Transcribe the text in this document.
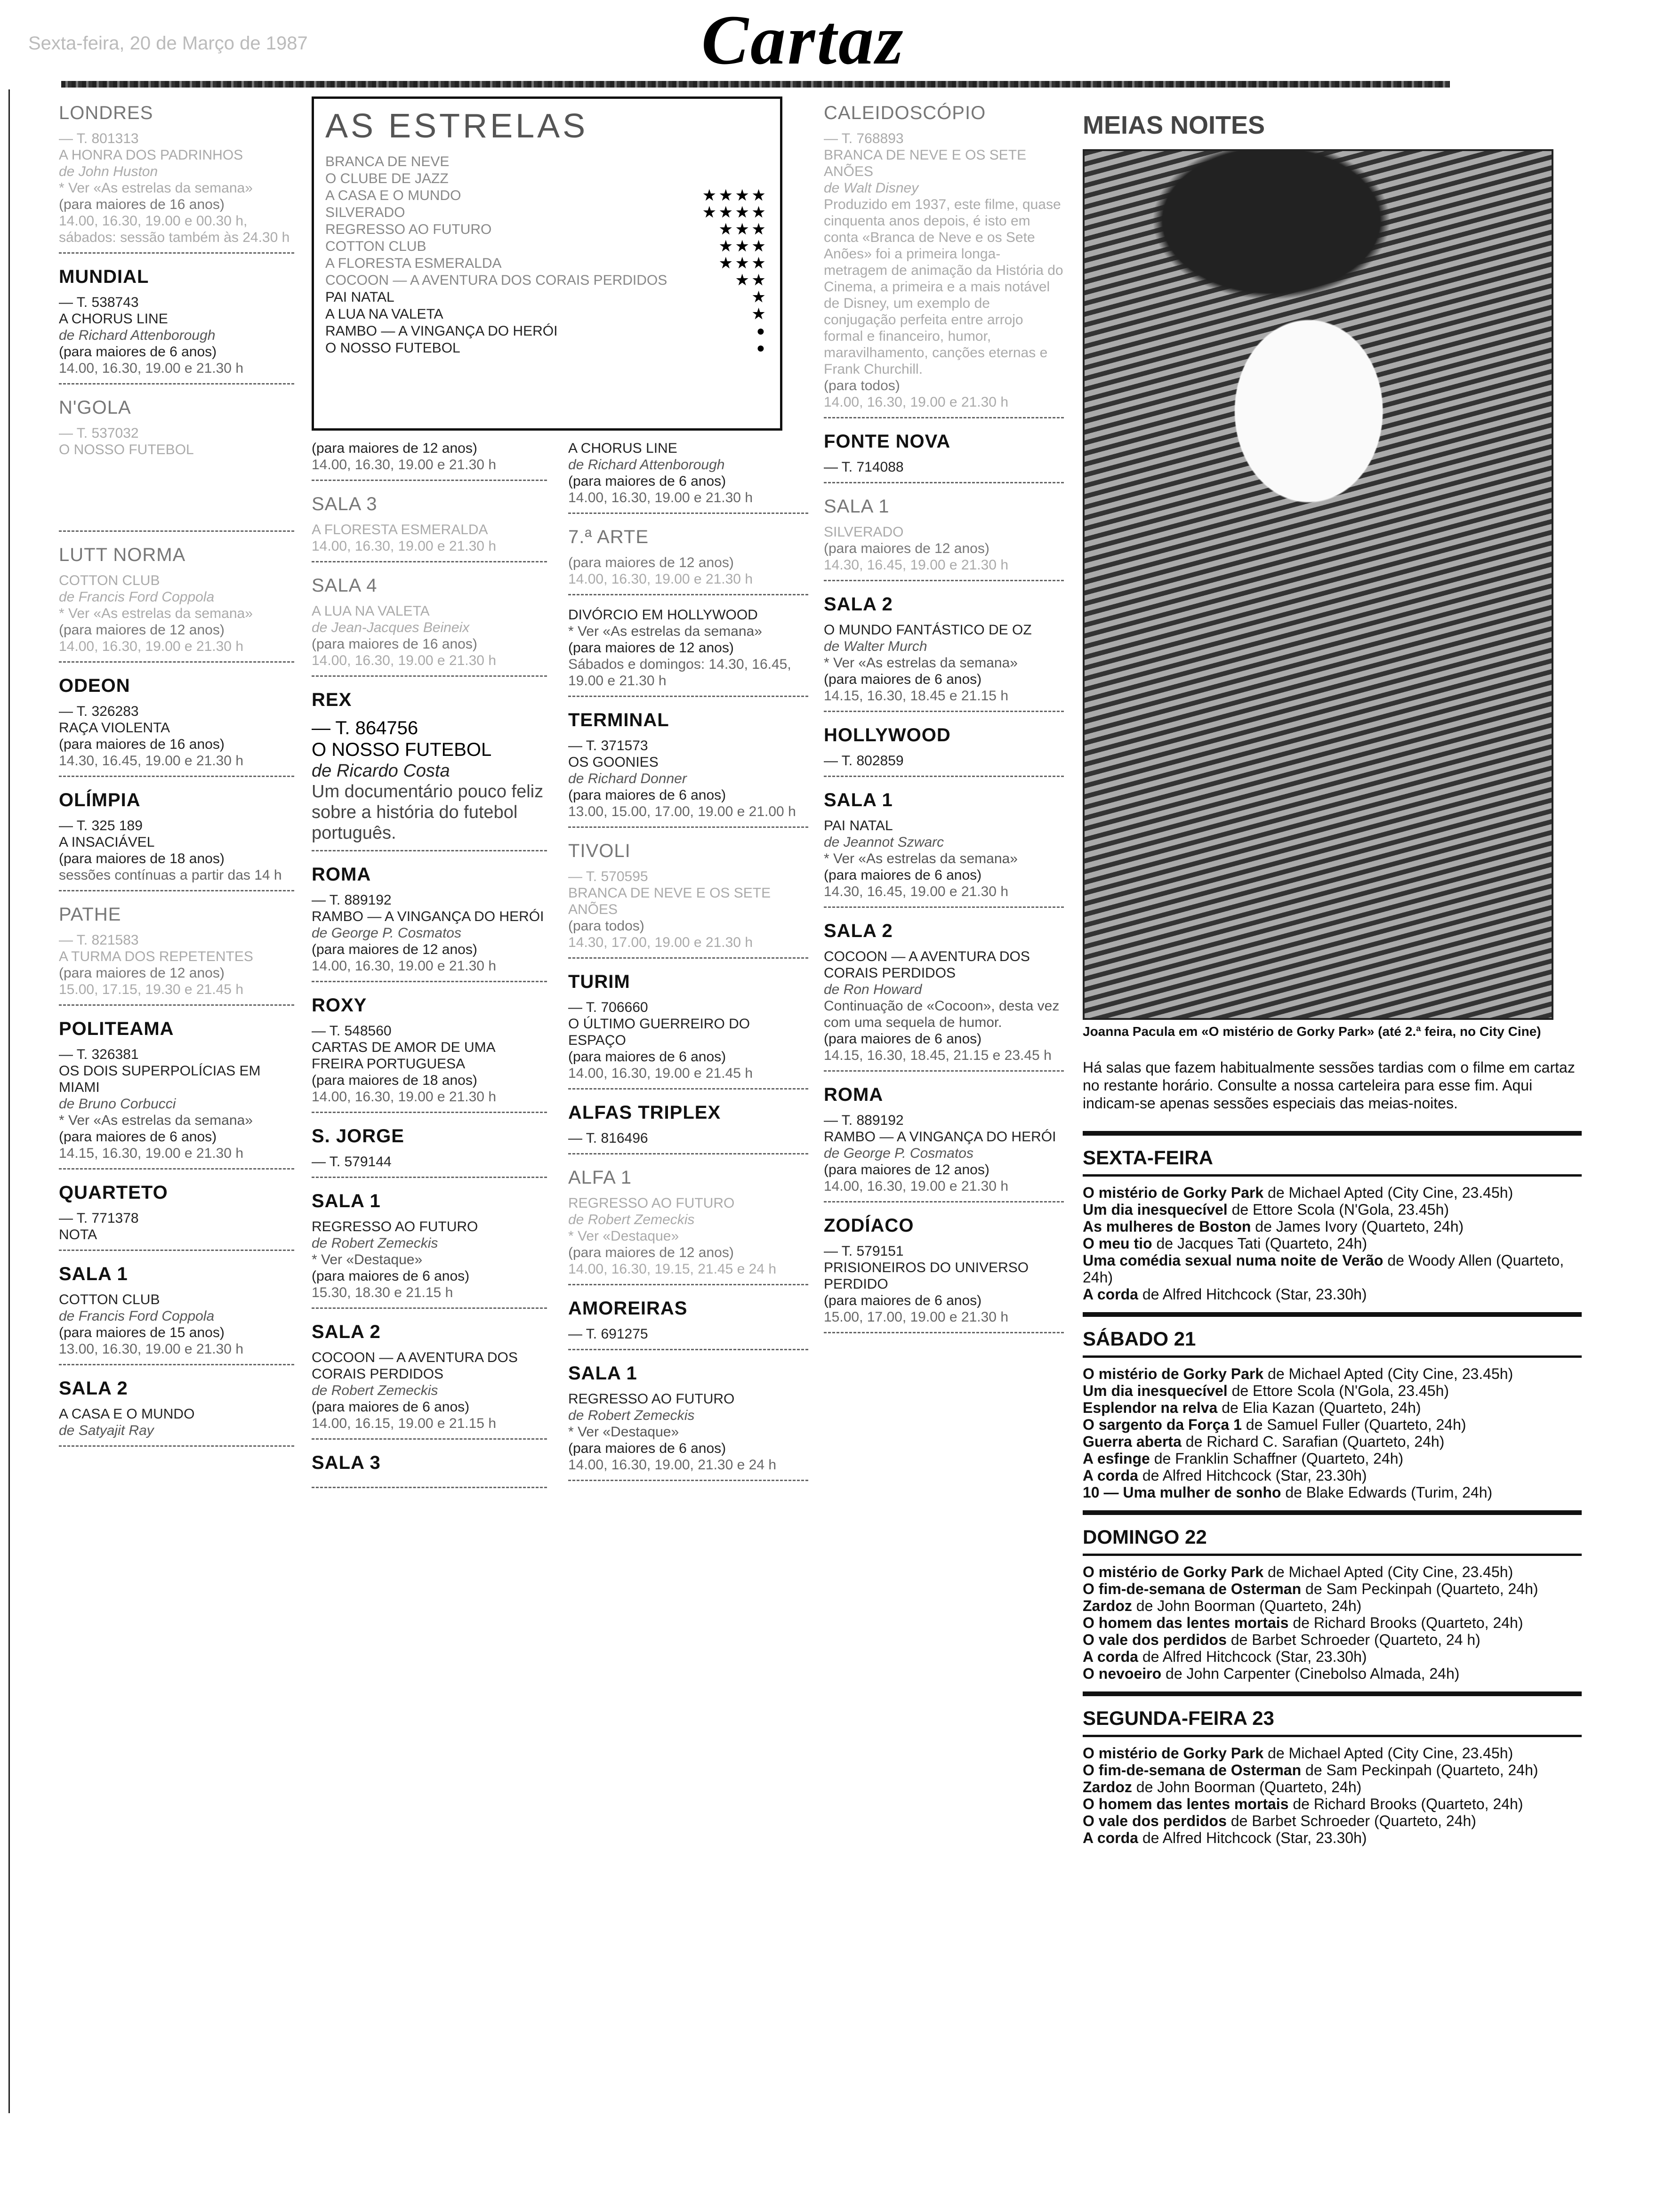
Sexta-feira, 20 de Março de 1987	Cartaz
LONDRES
— T. 801313
A HONRA DOS PADRINHOS
de John Huston
* Ver «As estrelas da semana»
(para maiores de 16 anos)
14.00, 16.30, 19.00 e 00.30 h, sábados: sessão também às 24.30 h
MUNDIAL
— T. 538743
A CHORUS LINE
de Richard Attenborough
(para maiores de 6 anos)
14.00, 16.30, 19.00 e 21.30 h
N'GOLA
— T. 537032
O NOSSO FUTEBOL
LUTT NORMA
COTTON CLUB
de Francis Ford Coppola
* Ver «As estrelas da semana»
(para maiores de 12 anos)
14.00, 16.30, 19.00 e 21.30 h
ODEON
— T. 326283
RAÇA VIOLENTA
(para maiores de 16 anos)
14.30, 16.45, 19.00 e 21.30 h
OLÍMPIA
— T. 325 189
A INSACIÁVEL
(para maiores de 18 anos)
sessões contínuas a partir das 14 h
PATHE
— T. 821583
A TURMA DOS REPETENTES
(para maiores de 12 anos)
15.00, 17.15, 19.30 e 21.45 h
POLITEAMA
— T. 326381
OS DOIS SUPERPOLÍCIAS EM MIAMI
de Bruno Corbucci
* Ver «As estrelas da semana»
(para maiores de 6 anos)
14.15, 16.30, 19.00 e 21.30 h
QUARTETO
— T. 771378
NOTA
SALA 1
COTTON CLUB
de Francis Ford Coppola
(para maiores de 15 anos)
13.00, 16.30, 19.00 e 21.30 h
SALA 2
A CASA E O MUNDO
de Satyajit Ray
AS ESTRELAS
BRANCA DE NEVE
O CLUBE DE JAZZ
A CASA E O MUNDO	★★★★
SILVERADO	★★★★
REGRESSO AO FUTURO	★★★
COTTON CLUB	★★★
A FLORESTA ESMERALDA	★★★
COCOON — A AVENTURA DOS CORAIS PERDIDOS	★★
PAI NATAL	★
A LUA NA VALETA	★
RAMBO — A VINGANÇA DO HERÓI	●
O NOSSO FUTEBOL	●
(para maiores de 12 anos)
14.00, 16.30, 19.00 e 21.30 h
SALA 3
A FLORESTA ESMERALDA
14.00, 16.30, 19.00 e 21.30 h
SALA 4
A LUA NA VALETA
de Jean-Jacques Beineix
(para maiores de 16 anos)
14.00, 16.30, 19.00 e 21.30 h
REX
— T. 864756
O NOSSO FUTEBOL
de Ricardo Costa
Um documentário pouco feliz sobre a história do futebol português.
ROMA
— T. 889192
RAMBO — A VINGANÇA DO HERÓI
de George P. Cosmatos
(para maiores de 12 anos)
14.00, 16.30, 19.00 e 21.30 h
ROXY
— T. 548560
CARTAS DE AMOR DE UMA FREIRA PORTUGUESA
(para maiores de 18 anos)
14.00, 16.30, 19.00 e 21.30 h
S. JORGE
— T. 579144
SALA 1
REGRESSO AO FUTURO
de Robert Zemeckis
* Ver «Destaque»
(para maiores de 6 anos)
15.30, 18.30 e 21.15 h
SALA 2
COCOON — A AVENTURA DOS CORAIS PERDIDOS
de Robert Zemeckis
(para maiores de 6 anos)
14.00, 16.15, 19.00 e 21.15 h
SALA 3
A CHORUS LINE
de Richard Attenborough
(para maiores de 6 anos)
14.00, 16.30, 19.00 e 21.30 h
7.ª ARTE
(para maiores de 12 anos)
14.00, 16.30, 19.00 e 21.30 h
DIVÓRCIO EM HOLLYWOOD
* Ver «As estrelas da semana»
(para maiores de 12 anos)
Sábados e domingos: 14.30, 16.45, 19.00 e 21.30 h
TERMINAL
— T. 371573
OS GOONIES
de Richard Donner
(para maiores de 6 anos)
13.00, 15.00, 17.00, 19.00 e 21.00 h
TIVOLI
— T. 570595
BRANCA DE NEVE E OS SETE ANÕES
(para todos)
14.30, 17.00, 19.00 e 21.30 h
TURIM
— T. 706660
O ÚLTIMO GUERREIRO DO ESPAÇO
(para maiores de 6 anos)
14.00, 16.30, 19.00 e 21.45 h
ALFAS TRIPLEX
— T. 816496
ALFA 1
REGRESSO AO FUTURO
de Robert Zemeckis
* Ver «Destaque»
(para maiores de 12 anos)
14.00, 16.30, 19.15, 21.45 e 24 h
AMOREIRAS
— T. 691275
SALA 1
REGRESSO AO FUTURO
de Robert Zemeckis
* Ver «Destaque»
(para maiores de 6 anos)
14.00, 16.30, 19.00, 21.30 e 24 h
CALEIDOSCÓPIO
— T. 768893
BRANCA DE NEVE E OS SETE ANÕES
de Walt Disney
Produzido em 1937, este filme, quase cinquenta anos depois, é isto em conta «Branca de Neve e os Sete Anões» foi a primeira longa-metragem de animação da História do Cinema, a primeira e a mais notável de Disney, um exemplo de conjugação perfeita entre arrojo formal e financeiro, humor, maravilhamento, canções eternas e Frank Churchill.
(para todos)
14.00, 16.30, 19.00 e 21.30 h
FONTE NOVA
— T. 714088
SALA 1
SILVERADO
(para maiores de 12 anos)
14.30, 16.45, 19.00 e 21.30 h
SALA 2
O MUNDO FANTÁSTICO DE OZ
de Walter Murch
* Ver «As estrelas da semana»
(para maiores de 6 anos)
14.15, 16.30, 18.45 e 21.15 h
HOLLYWOOD
— T. 802859
SALA 1
PAI NATAL
de Jeannot Szwarc
* Ver «As estrelas da semana»
(para maiores de 6 anos)
14.30, 16.45, 19.00 e 21.30 h
SALA 2
COCOON — A AVENTURA DOS CORAIS PERDIDOS
de Ron Howard
Continuação de «Cocoon», desta vez com uma sequela de humor.
(para maiores de 6 anos)
14.15, 16.30, 18.45, 21.15 e 23.45 h
ROMA
— T. 889192
RAMBO — A VINGANÇA DO HERÓI
de George P. Cosmatos
(para maiores de 12 anos)
14.00, 16.30, 19.00 e 21.30 h
ZODÍACO
— T. 579151
PRISIONEIROS DO UNIVERSO PERDIDO
(para maiores de 6 anos)
15.00, 17.00, 19.00 e 21.30 h
MEIAS NOITES
Joanna Pacula em «O mistério de Gorky Park» (até 2.ª feira, no City Cine)
Há salas que fazem habitualmente sessões tardias com o filme em cartaz no restante horário. Consulte a nossa carteleira para esse fim. Aqui indicam-se apenas sessões especiais das meias-noites.
SEXTA-FEIRA
O mistério de Gorky Park de Michael Apted (City Cine, 23.45h)
Um dia inesquecível de Ettore Scola (N'Gola, 23.45h)
As mulheres de Boston de James Ivory (Quarteto, 24h)
O meu tio de Jacques Tati (Quarteto, 24h)
Uma comédia sexual numa noite de Verão de Woody Allen (Quarteto, 24h)
A corda de Alfred Hitchcock (Star, 23.30h)
SÁBADO 21
O mistério de Gorky Park de Michael Apted (City Cine, 23.45h)
Um dia inesquecível de Ettore Scola (N'Gola, 23.45h)
Esplendor na relva de Elia Kazan (Quarteto, 24h)
O sargento da Força 1 de Samuel Fuller (Quarteto, 24h)
Guerra aberta de Richard C. Sarafian (Quarteto, 24h)
A esfinge de Franklin Schaffner (Quarteto, 24h)
A corda de Alfred Hitchcock (Star, 23.30h)
10 — Uma mulher de sonho de Blake Edwards (Turim, 24h)
DOMINGO 22
O mistério de Gorky Park de Michael Apted (City Cine, 23.45h)
O fim-de-semana de Osterman de Sam Peckinpah (Quarteto, 24h)
Zardoz de John Boorman (Quarteto, 24h)
O homem das lentes mortais de Richard Brooks (Quarteto, 24h)
O vale dos perdidos de Barbet Schroeder (Quarteto, 24 h)
A corda de Alfred Hitchcock (Star, 23.30h)
O nevoeiro de John Carpenter (Cinebolso Almada, 24h)
SEGUNDA-FEIRA 23
O mistério de Gorky Park de Michael Apted (City Cine, 23.45h)
O fim-de-semana de Osterman de Sam Peckinpah (Quarteto, 24h)
Zardoz de John Boorman (Quarteto, 24h)
O homem das lentes mortais de Richard Brooks (Quarteto, 24h)
O vale dos perdidos de Barbet Schroeder (Quarteto, 24h)
A corda de Alfred Hitchcock (Star, 23.30h)
